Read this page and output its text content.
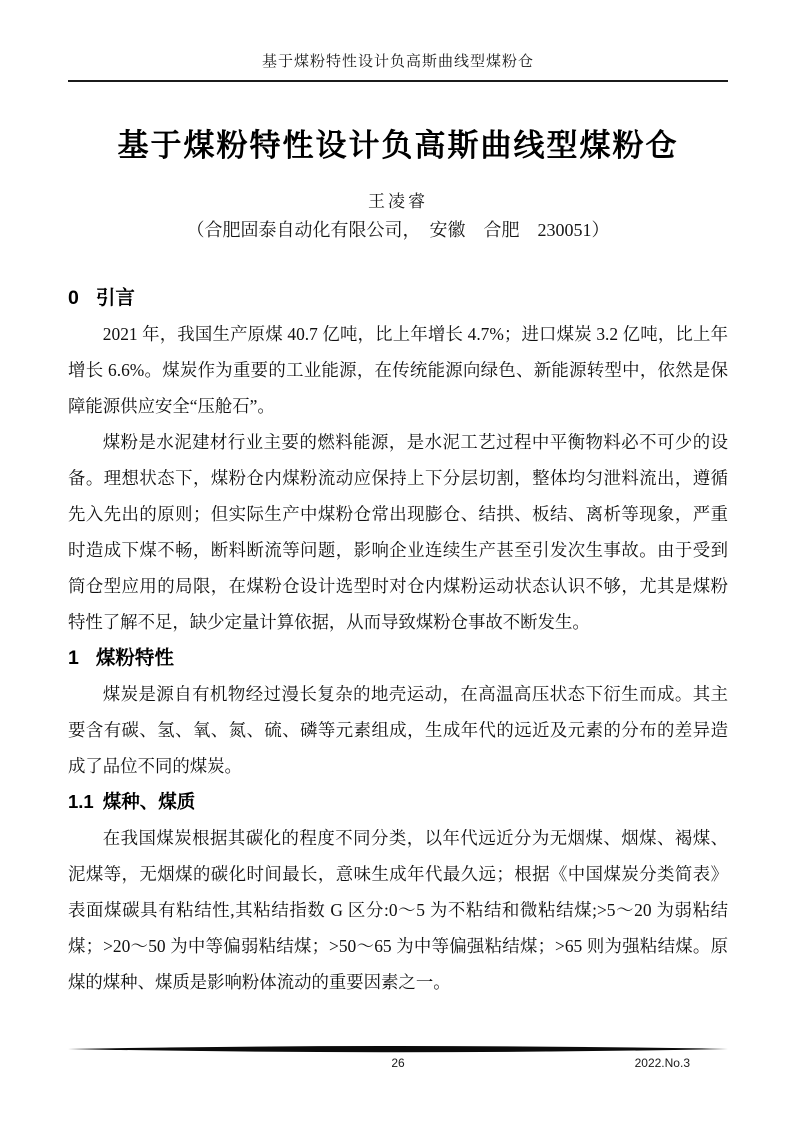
基于煤粉特性设计负高斯曲线型煤粉仓
基于煤粉特性设计负高斯曲线型煤粉仓
王凌睿
（合肥固泰自动化有限公司，　安徽　合肥　230051）
0 引言

2021 年，我国生产原煤 40.7 亿吨，比上年增长 4.7%；进口煤炭 3.2 亿吨，比上年增长 6.6%。煤炭作为重要的工业能源，在传统能源向绿色、新能源转型中，依然是保障能源供应安全“压舱石”。

煤粉是水泥建材行业主要的燃料能源，是水泥工艺过程中平衡物料必不可少的设备。理想状态下，煤粉仓内煤粉流动应保持上下分层切割，整体均匀泄料流出，遵循先入先出的原则；但实际生产中煤粉仓常出现膨仓、结拱、板结、离析等现象，严重时造成下煤不畅，断料断流等问题，影响企业连续生产甚至引发次生事故。由于受到筒仓型应用的局限，在煤粉仓设计选型时对仓内煤粉运动状态认识不够，尤其是煤粉特性了解不足，缺少定量计算依据，从而导致煤粉仓事故不断发生。

1 煤粉特性

煤炭是源自有机物经过漫长复杂的地壳运动，在高温高压状态下衍生而成。其主要含有碳、氢、氧、氮、硫、磷等元素组成，生成年代的远近及元素的分布的差异造成了品位不同的煤炭。

1.1 煤种、煤质

在我国煤炭根据其碳化的程度不同分类，以年代远近分为无烟煤、烟煤、褐煤、泥煤等，无烟煤的碳化时间最长，意味生成年代最久远；根据《中国煤炭分类简表》表面煤碳具有粘结性,其粘结指数 G 区分:0～5 为不粘结和微粘结煤;>5～20 为弱粘结煤；>20～50 为中等偏弱粘结煤；>50～65 为中等偏强粘结煤；>65 则为强粘结煤。原煤的煤种、煤质是影响粉体流动的重要因素之一。

26	2022.No.3
